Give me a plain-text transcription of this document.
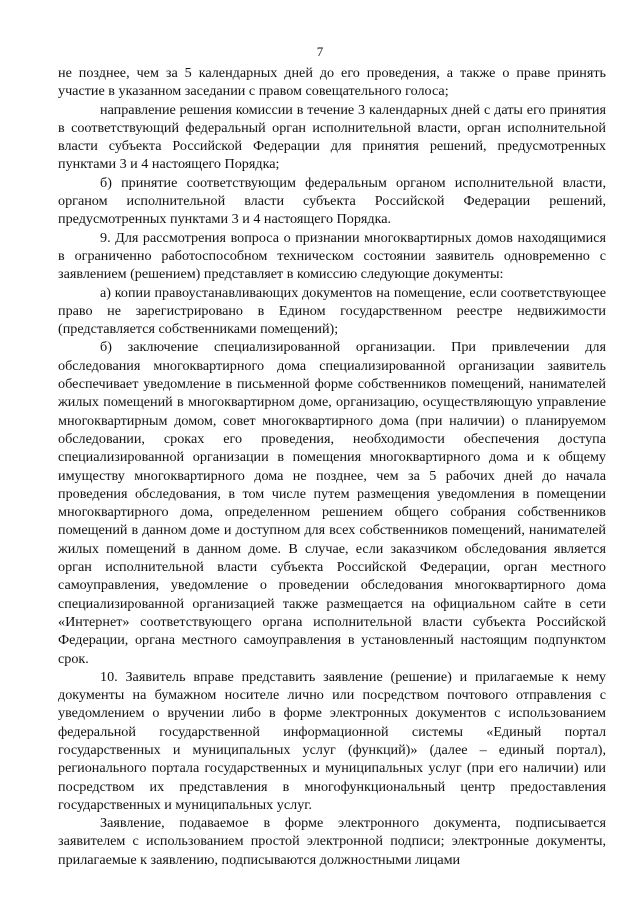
7

не позднее, чем за 5 календарных дней до его проведения, а также о праве принять участие в указанном заседании с правом совещательного голоса;

направление решения комиссии в течение 3 календарных дней с даты его принятия в соответствующий федеральный орган исполнительной власти, орган исполнительной власти субъекта Российской Федерации для принятия решений, предусмотренных пунктами 3 и 4 настоящего Порядка;

б) принятие соответствующим федеральным органом исполнительной власти, органом исполнительной власти субъекта Российской Федерации решений, предусмотренных пунктами 3 и 4 настоящего Порядка.

9. Для рассмотрения вопроса о признании многоквартирных домов находящимися в ограниченно работоспособном техническом состоянии заявитель одновременно с заявлением (решением) представляет в комиссию следующие документы:

а) копии правоустанавливающих документов на помещение, если соответствующее право не зарегистрировано в Едином государственном реестре недвижимости (представляется собственниками помещений);

б) заключение специализированной организации. При привлечении для обследования многоквартирного дома специализированной организации заявитель обеспечивает уведомление в письменной форме собственников помещений, нанимателей жилых помещений в многоквартирном доме, организацию, осуществляющую управление многоквартирным домом, совет многоквартирного дома (при наличии) о планируемом обследовании, сроках его проведения, необходимости обеспечения доступа специализированной организации в помещения многоквартирного дома и к общему имуществу многоквартирного дома не позднее, чем за 5 рабочих дней до начала проведения обследования, в том числе путем размещения уведомления в помещении многоквартирного дома, определенном решением общего собрания собственников помещений в данном доме и доступном для всех собственников помещений, нанимателей жилых помещений в данном доме. В случае, если заказчиком обследования является орган исполнительной власти субъекта Российской Федерации, орган местного самоуправления, уведомление о проведении обследования многоквартирного дома специализированной организацией также размещается на официальном сайте в сети «Интернет» соответствующего органа исполнительной власти субъекта Российской Федерации, органа местного самоуправления в установленный настоящим подпунктом срок.

10. Заявитель вправе представить заявление (решение) и прилагаемые к нему документы на бумажном носителе лично или посредством почтового отправления с уведомлением о вручении либо в форме электронных документов с использованием федеральной государственной информационной системы «Единый портал государственных и муниципальных услуг (функций)» (далее – единый портал), регионального портала государственных и муниципальных услуг (при его наличии) или посредством их представления в многофункциональный центр предоставления государственных и муниципальных услуг.

Заявление, подаваемое в форме электронного документа, подписывается заявителем с использованием простой электронной подписи; электронные документы, прилагаемые к заявлению, подписываются должностными лицами
